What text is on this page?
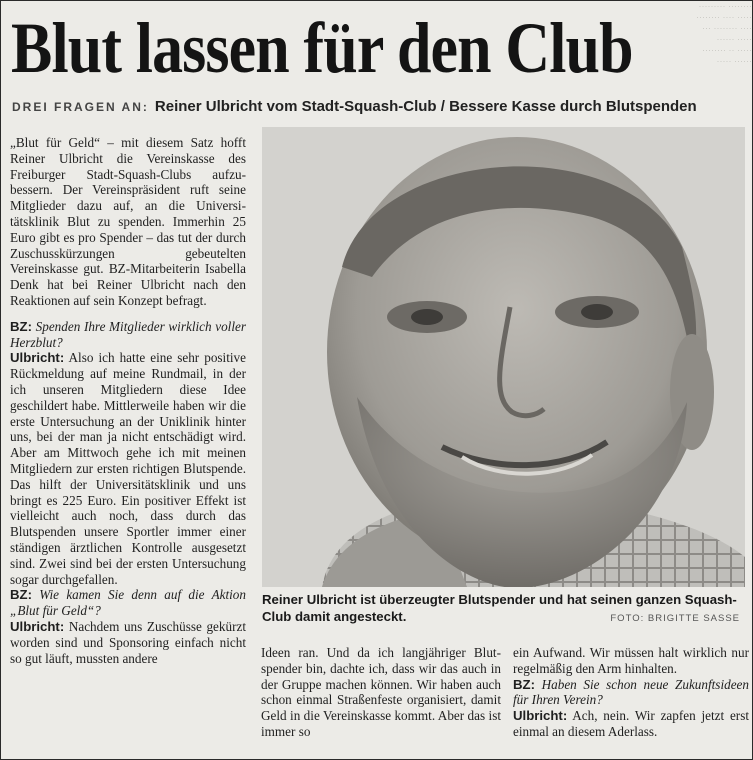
········· ········
········ ···· ·····
··· ········ ····
······ ·····
········ ·· ·····
····· ······
Blut lassen für den Club
DREI FRAGEN AN: Reiner Ulbricht vom Stadt-Squash-Club / Bessere Kasse durch Blutspenden

„Blut für Geld“ – mit diesem Satz hofft Reiner Ulbricht die Vereinskasse des Freiburger Stadt-Squash-Clubs aufzubessern. Der Vereinspräsident ruft seine Mitglieder dazu auf, an die Universitätsklinik Blut zu spenden. Immerhin 25 Euro gibt es pro Spender – das tut der durch Zuschusskürzungen gebeutelten Vereinskasse gut. BZ-Mitarbeiterin Isabella Denk hat bei Reiner Ulbricht nach den Reaktionen auf sein Konzept befragt.

BZ: Spenden Ihre Mitglieder wirklich voller Herzblut?

Ulbricht: Also ich hatte eine sehr positive Rückmeldung auf meine Rundmail, in der ich unseren Mitgliedern diese Idee geschildert habe. Mittlerweile haben wir die erste Untersuchung an der Uniklinik hinter uns, bei der man ja nicht entschädigt wird. Aber am Mittwoch gehe ich mit meinen Mitgliedern zur ersten richtigen Blutspende. Das hilft der Universitätsklinik und uns bringt es 225 Euro. Ein positiver Effekt ist vielleicht auch noch, dass durch das Blutspenden unsere Sportler immer einer ständigen ärztlichen Kontrolle ausgesetzt sind. Zwei sind bei der ersten Untersuchung sogar durchgefallen.

BZ: Wie kamen Sie denn auf die Aktion „Blut für Geld“?

Ulbricht: Nachdem uns Zuschüsse gekürzt worden sind und Sponsoring einfach nicht so gut läuft, mussten andere

Reiner Ulbricht ist überzeugter Blutspender und hat seinen ganzen Squash-Club damit angesteckt.	FOTO: BRIGITTE SASSE

Ideen ran. Und da ich langjähriger Blutspender bin, dachte ich, dass wir das auch in der Gruppe machen können. Wir haben auch schon einmal Straßenfeste organisiert, damit Geld in die Vereinskasse kommt. Aber das ist immer so

ein Aufwand. Wir müssen halt wirklich nur regelmäßig den Arm hinhalten.

BZ: Haben Sie schon neue Zukunftsideen für Ihren Verein?

Ulbricht: Ach, nein. Wir zapfen jetzt erst einmal an diesem Aderlass.
